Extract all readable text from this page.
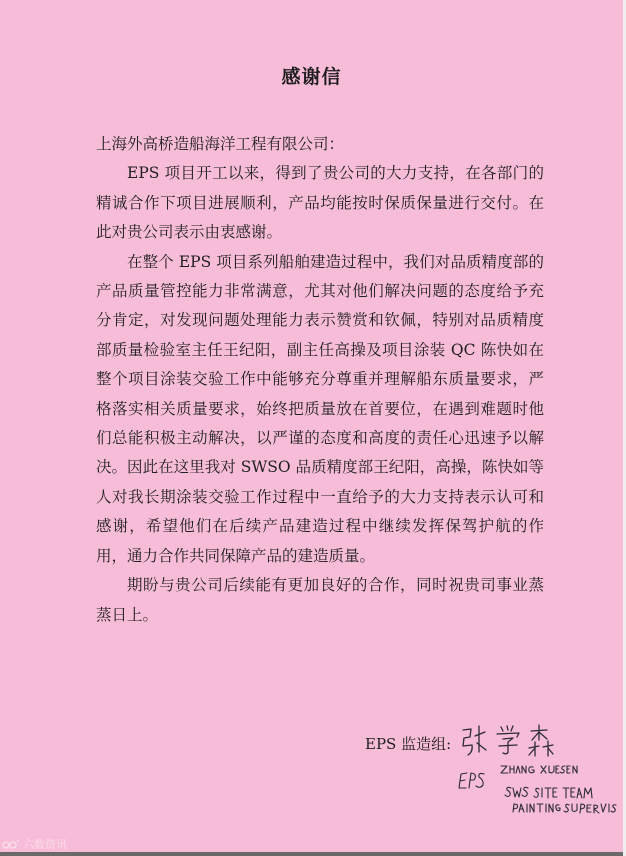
感谢信

上海外高桥造船海洋工程有限公司：

EPS 项目开工以来，得到了贵公司的大力支持，在各部门的精诚合作下项目进展顺利，产品均能按时保质保量进行交付。在此对贵公司表示由衷感谢。

在整个 EPS 项目系列船舶建造过程中，我们对品质精度部的产品质量管控能力非常满意，尤其对他们解决问题的态度给予充分肯定，对发现问题处理能力表示赞赏和钦佩，特别对品质精度部质量检验室主任王纪阳，副主任高操及项目涂装 QC 陈快如在整个项目涂装交验工作中能够充分尊重并理解船东质量要求，严格落实相关质量要求，始终把质量放在首要位，在遇到难题时他们总能积极主动解决，以严谨的态度和高度的责任心迅速予以解决。因此在这里我对 SWSO 品质精度部王纪阳，高操，陈快如等人对我长期涂装交验工作过程中一直给予的大力支持表示认可和感谢，希望他们在后续产品建造过程中继续发挥保驾护航的作用，通力合作共同保障产品的建造质量。

期盼与贵公司后续能有更加良好的合作，同时祝贵司事业蒸蒸日上。

EPS 监造组:
六数资讯
